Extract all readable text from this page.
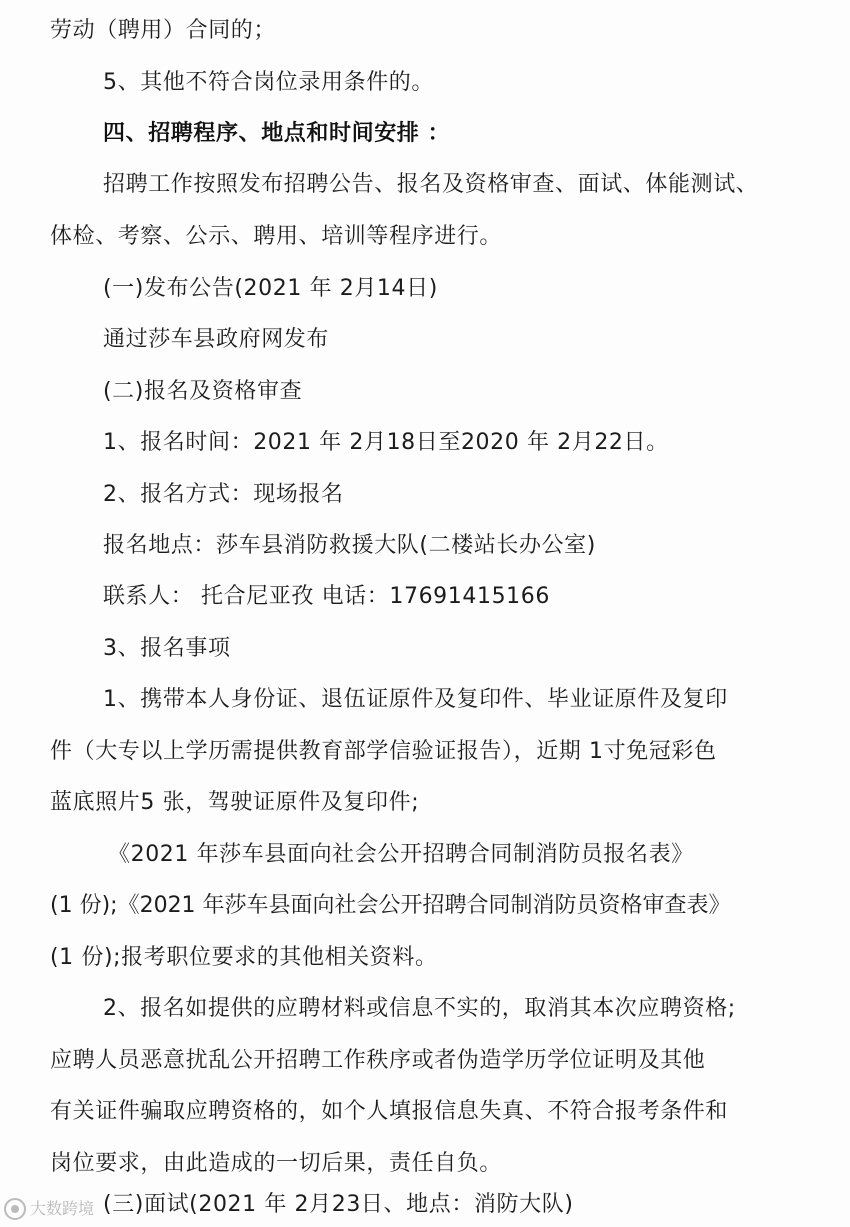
劳动（聘用）合同的；
5、其他不符合岗位录用条件的。
四、招聘程序、地点和时间安排 ：
招聘工作按照发布招聘公告、报名及资格审查、面试、体能测试、
体检、考察、公示、聘用、培训等程序进行。
(一)发布公告(2021 年 2月14日)
通过莎车县政府网发布
(二)报名及资格审查
1、报名时间：2021 年 2月18日至2020 年 2月22日。
2、报名方式：现场报名
报名地点：莎车县消防救援大队(二楼站长办公室)
联系人： 托合尼亚孜 电话：17691415166
3、报名事项
1、携带本人身份证、退伍证原件及复印件、毕业证原件及复印
件（大专以上学历需提供教育部学信验证报告），近期 1寸免冠彩色
蓝底照片5 张，驾驶证原件及复印件;
《2021 年莎车县面向社会公开招聘合同制消防员报名表》
(1 份);《2021 年莎车县面向社会公开招聘合同制消防员资格审查表》
(1 份);报考职位要求的其他相关资料。
2、报名如提供的应聘材料或信息不实的，取消其本次应聘资格;
应聘人员恶意扰乱公开招聘工作秩序或者伪造学历学位证明及其他
有关证件骗取应聘资格的，如个人填报信息失真、不符合报考条件和
岗位要求，由此造成的一切后果，责任自负。
(三)面试(2021 年 2月23日、地点：消防大队)
大数跨境
